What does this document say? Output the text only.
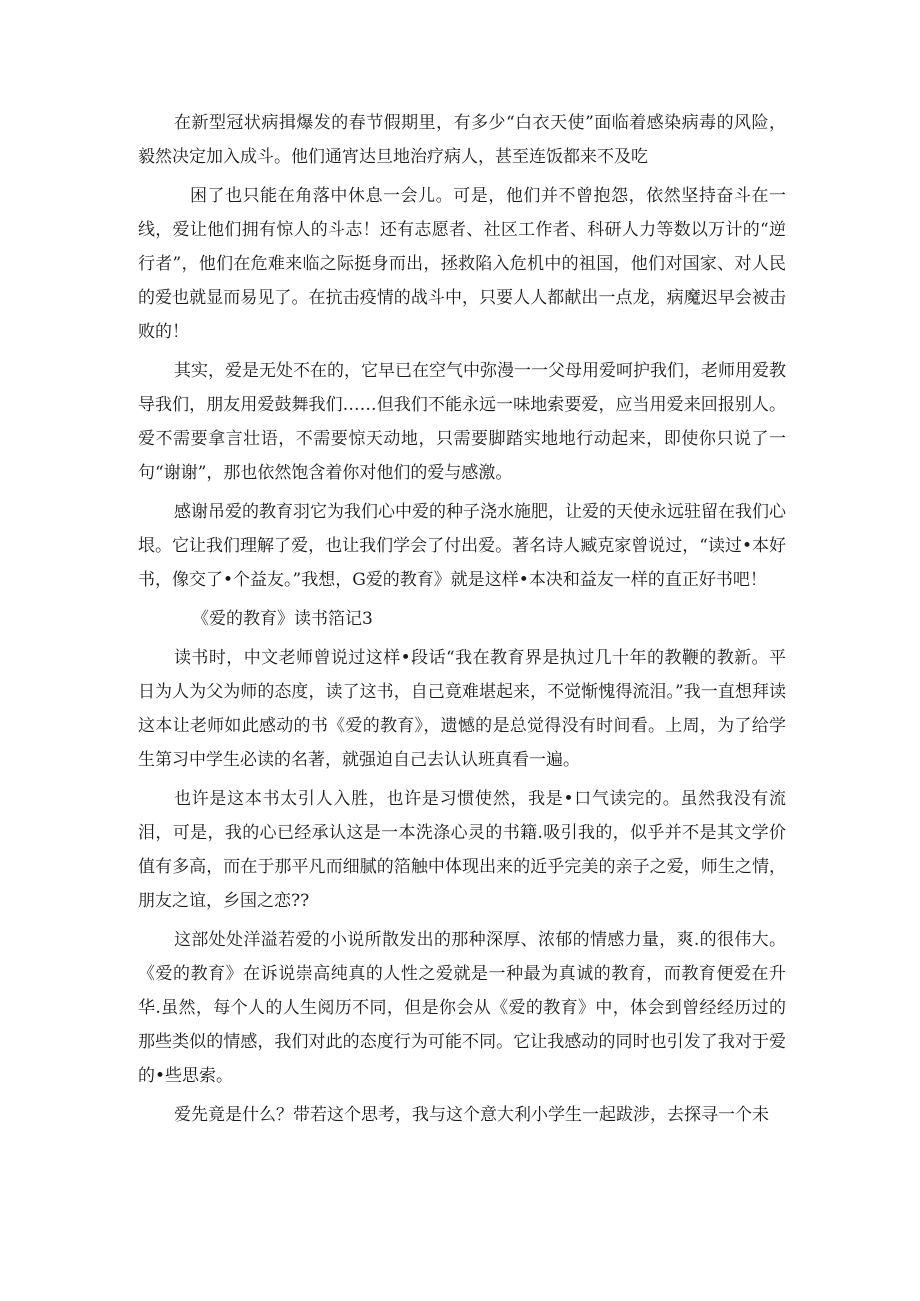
在新型冠状病揖爆发的春节假期里，有多少“白衣天使”面临着感染病毒的风险，毅然决定加入成斗。他们通宵达旦地治疗病人，甚至连饭都来不及吃

困了也只能在角落中休息一会儿。可是，他们并不曾抱怨，依然坚持奋斗在一线，爱让他们拥有惊人的斗志！还有志愿者、社区工作者、科研人力等数以万计的“逆行者”，他们在危难来临之际挺身而出，拯救陷入危机中的祖国，他们对国家、对人民的爱也就显而易见了。在抗击疫情的战斗中，只要人人都献出一点龙，病魔迟早会被击败的！

其实，爱是无处不在的，它早已在空气中弥漫一一父母用爱呵护我们，老师用爱教导我们，朋友用爱鼓舞我们……但我们不能永远一味地索要爱，应当用爱来回报别人。爱不需要拿言壮语，不需要惊天动地，只需要脚踏实地地行动起来，即使你只说了一句“谢谢”，那也依然饱含着你对他们的爱与感激。

感谢吊爱的教育羽它为我们心中爱的种子浇水施肥，让爱的天使永远驻留在我们心垠。它让我们理解了爱，也让我们学会了付出爱。著名诗人臧克家曾说过，“读过•本好书，像交了•个益友。”我想，G爱的教育》就是这样•本决和益友一样的直正好书吧！

《爱的教育》读书箔记3

读书时，中文老师曾说过这样•段话“我在教育界是执过几十年的教鞭的教新。平日为人为父为师的态度，读了这书，自己竟难堪起来，不觉惭愧得流泪。”我一直想拜读这本让老师如此感动的书《爱的教育》，遗憾的是总觉得没有时间看。上周，为了给学生第习中学生必读的名著，就强迫自己去认认班真看一遍。

也许是这本书太引人入胜，也许是习惯使然，我是•口气读完的。虽然我没有流泪，可是，我的心已经承认这是一本洗涤心灵的书籍.吸引我的，似乎并不是其文学价值有多高，而在于那平凡而细腻的箔触中体现出来的近乎完美的亲子之爱，师生之情，朋友之谊，乡国之恋??

这部处处洋溢若爱的小说所散发出的那种深厚、浓郁的情感力量，爽.的很伟大。《爱的教育》在诉说崇高纯真的人性之爱就是一种最为真诚的教育，而教育便爱在升华.虽然，每个人的人生阅历不同，但是你会从《爱的教育》中，体会到曾经经历过的那些类似的情感，我们对此的态度行为可能不同。它让我感动的同时也引发了我对于爱的•些思索。

爱先竟是什么？带若这个思考，我与这个意大利小学生一起跋涉，去探寻一个未
